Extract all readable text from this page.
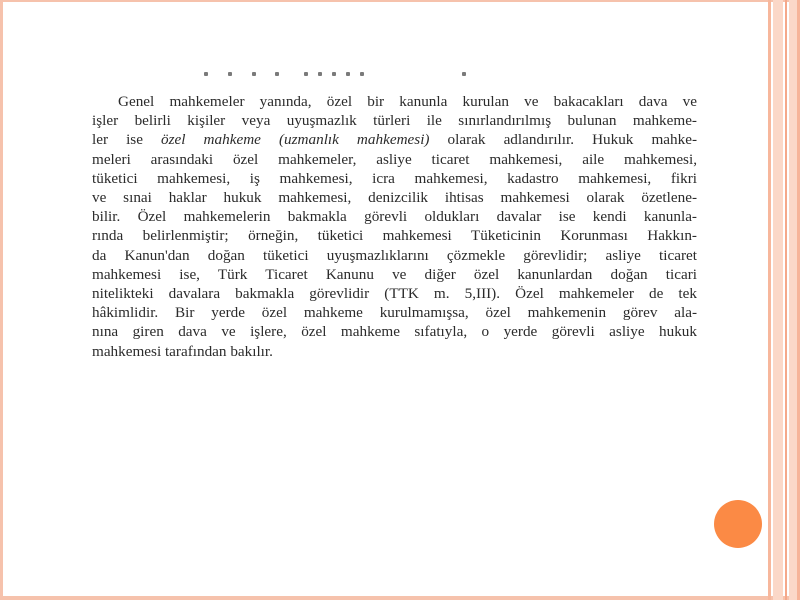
Genel mahkemeler yanında, özel bir kanunla kurulan ve bakacakları dava ve
işler belirli kişiler veya uyuşmazlık türleri ile sınırlandırılmış bulunan mahkeme-
ler ise özel mahkeme (uzmanlık mahkemesi) olarak adlandırılır. Hukuk mahke-
meleri arasındaki özel mahkemeler, asliye ticaret mahkemesi, aile mahkemesi,
tüketici mahkemesi, iş mahkemesi, icra mahkemesi, kadastro mahkemesi, fikri
ve sınai haklar hukuk mahkemesi, denizcilik ihtisas mahkemesi olarak özetlene-
bilir. Özel mahkemelerin bakmakla görevli oldukları davalar ise kendi kanunla-
rında belirlenmiştir; örneğin, tüketici mahkemesi Tüketicinin Korunması Hakkın-
da Kanun'dan doğan tüketici uyuşmazlıklarını çözmekle görevlidir; asliye ticaret
mahkemesi ise, Türk Ticaret Kanunu ve diğer özel kanunlardan doğan ticari
nitelikteki davalara bakmakla görevlidir (TTK m. 5,III). Özel mahkemeler de tek
hâkimlidir. Bir yerde özel mahkeme kurulmamışsa, özel mahkemenin görev ala-
nına giren dava ve işlere, özel mahkeme sıfatıyla, o yerde görevli asliye hukuk
mahkemesi tarafından bakılır.
